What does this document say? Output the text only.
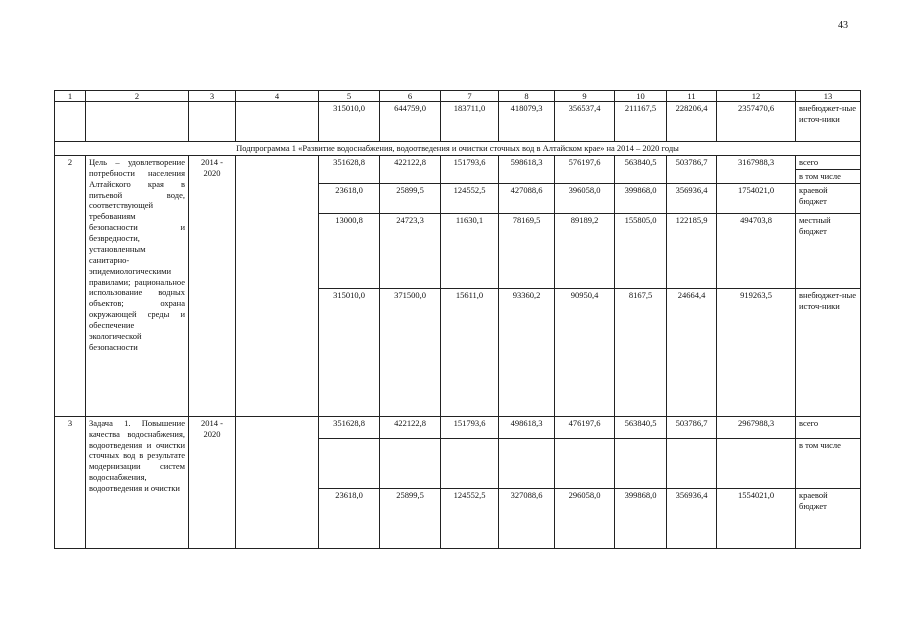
43
1	2	3	4	5	6	7	8	9	10	11	12	13
				315010,0	644759,0	183711,0	418079,3	356537,4	211167,5	228206,4	2357470,6	внебюджет-ные источ-ники
Подпрограмма 1 «Развитие водоснабжения, водоотведения и очистки сточных вод в Алтайском крае» на 2014 – 2020 годы												
2	Цель – удовлетворение потребности населения Алтайского края в питьевой воде, соответствующей требованиям безопасности и безвредности, установленным санитарно-эпидемиологическими правилами; рациональное использование водных объектов; охрана окружающей среды и обеспечение экологической безопасности	2014 - 2020		351628,8	422122,8	151793,6	598618,3	576197,6	563840,5	503786,7	3167988,3	всего
												в том числе
				23618,0	25899,5	124552,5	427088,6	396058,0	399868,0	356936,4	1754021,0	краевой бюджет
				13000,8	24723,3	11630,1	78169,5	89189,2	155805,0	122185,9	494703,8	местный бюджет
				315010,0	371500,0	15611,0	93360,2	90950,4	8167,5	24664,4	919263,5	внебюджет-ные источ-ники
3	Задача 1. Повышение качества водоснабжения, водоотведения и очистки сточных вод в результате модернизации систем водоснабжения, водоотведения и очистки	2014 - 2020		351628,8	422122,8	151793,6	498618,3	476197,6	563840,5	503786,7	2967988,3	всего
												в том числе
				23618,0	25899,5	124552,5	327088,6	296058,0	399868,0	356936,4	1554021,0	краевой бюджет
